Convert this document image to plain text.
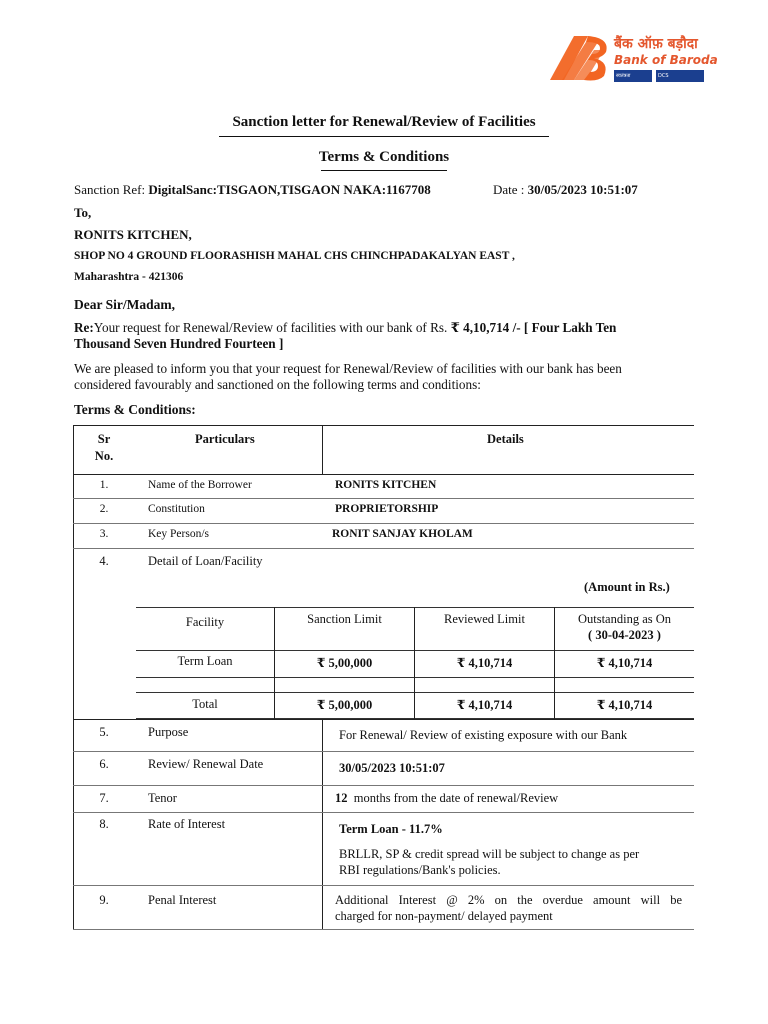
बैंक ऑफ़ बड़ौदा
Bank of Baroda
स्वतंत्रता	DCS
Sanction letter for Renewal/Review of Facilities
Terms & Conditions
Sanction Ref: DigitalSanc:TISGAON,TISGAON NAKA:1167708	Date : 30/05/2023 10:51:07
To,
RONITS KITCHEN,
SHOP NO 4 GROUND FLOORASHISH MAHAL CHS CHINCHPADAKALYAN EAST ,
Maharashtra - 421306
Dear Sir/Madam,
Re:Your request for Renewal/Review of facilities with our bank of Rs. ₹ 4,10,714 /- [ Four Lakh Ten
Thousand Seven Hundred Fourteen ]
We are pleased to inform you that your request for Renewal/Review of facilities with our bank has been
considered favourably and sanctioned on the following terms and conditions:
Terms & Conditions:
Sr
No.
Particulars	Details
1.	Name of the Borrower	RONITS KITCHEN
2.	Constitution	PROPRIETORSHIP
3.	Key Person/s	RONIT SANJAY KHOLAM
4.	Detail of Loan/Facility
(Amount in Rs.)
Facility	Sanction Limit	Reviewed Limit	Outstanding as On
( 30-04-2023 )
Term Loan	₹ 5,00,000	₹ 4,10,714	₹ 4,10,714
Total	₹ 5,00,000	₹ 4,10,714	₹ 4,10,714
5.	Purpose	For Renewal/ Review of existing exposure with our Bank
6.	Review/ Renewal Date	30/05/2023 10:51:07
7.	Tenor	12 months from the date of renewal/Review
8.	Rate of Interest	Term Loan - 11.7%
BRLLR, SP & credit spread will be subject to change as per
RBI regulations/Bank's policies.
9.	Penal Interest	Additional Interest @ 2% on the overdue amount will be
charged for non-payment/ delayed payment
